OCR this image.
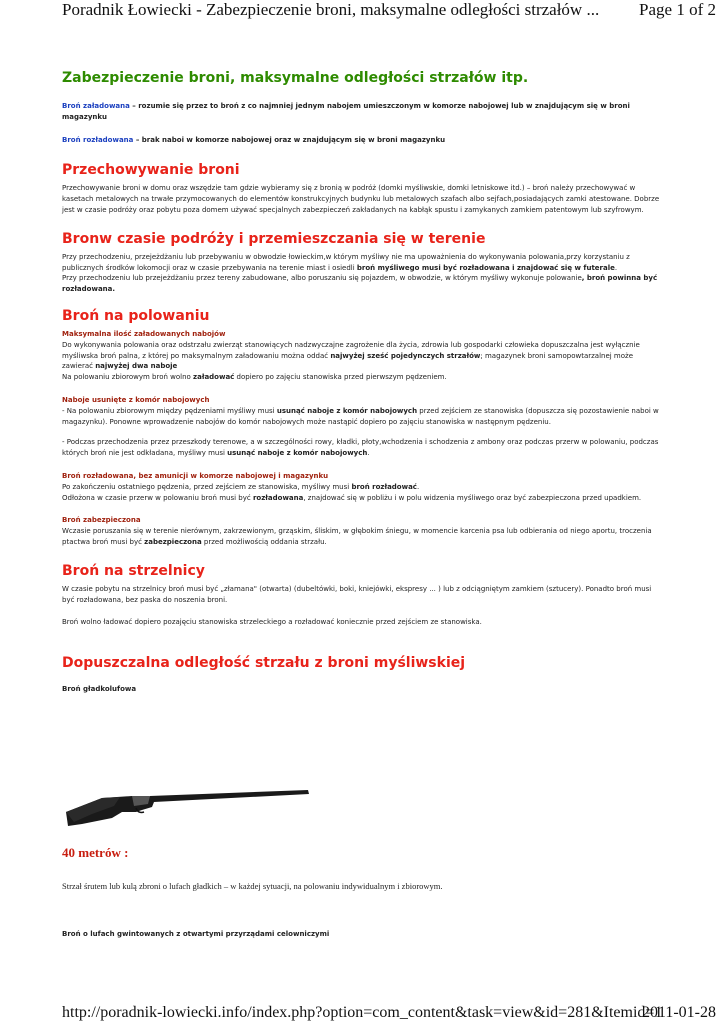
Poradnik Łowiecki - Zabezpieczenie broni, maksymalne odległości strzałów ... Page 1 of 2
Zabezpieczenie broni, maksymalne odległości strzałów itp.

Broń załadowana – rozumie się przez to broń z co najmniej jednym nabojem umieszczonym w komorze nabojowej lub w znajdującym się w broni magazynku

Broń rozładowana – brak naboi w komorze nabojowej oraz w znajdującym się w broni magazynku

Przechowywanie broni

Przechowywanie broni w domu oraz wszędzie tam gdzie wybieramy się z bronią w podróż (domki myśliwskie, domki letniskowe itd.) – broń należy przechowywać w kasetach metalowych na trwałe przymocowanych do elementów konstrukcyjnych budynku lub metalowych szafach albo sejfach,posiadających zamki atestowane. Dobrze jest w czasie podróży oraz pobytu poza domem używać specjalnych zabezpieczeń zakładanych na kabłąk spustu i zamykanych zamkiem patentowym lub szyfrowym.

Bronw czasie podróży i przemieszczania się w terenie

Przy przechodzeniu, przejeżdżaniu lub przebywaniu w obwodzie łowieckim,w którym myśliwy nie ma upoważnienia do wykonywania polowania,przy korzystaniu z publicznych środków lokomocji oraz w czasie przebywania na terenie miast i osiedli broń myśliwego musi być rozładowana i znajdować się w futerale.

Przy przechodzeniu lub przejeżdżaniu przez tereny zabudowane, albo poruszaniu się pojazdem, w obwodzie, w którym myśliwy wykonuje polowanie, broń powinna być rozładowana.

Broń na polowaniu

Maksymalna ilość załadowanych nabojów

Do wykonywania polowania oraz odstrzału zwierząt stanowiących nadzwyczajne zagrożenie dla życia, zdrowia lub gospodarki człowieka dopuszczalna jest wyłącznie myśliwska broń palna, z której po maksymalnym załadowaniu można oddać najwyżej sześć pojedynczych strzałów; magazynek broni samopowtarzalnej może zawierać najwyżej dwa naboje

Na polowaniu zbiorowym broń wolno załadować dopiero po zajęciu stanowiska przed pierwszym pędzeniem.

Naboje usunięte z komór nabojowych

- Na polowaniu zbiorowym między pędzeniami myśliwy musi usunąć naboje z komór nabojowych przed zejściem ze stanowiska (dopuszcza się pozostawienie naboi w magazynku). Ponowne wprowadzenie nabojów do komór nabojowych może nastąpić dopiero po zajęciu stanowiska w następnym pędzeniu.

- Podczas przechodzenia przez przeszkody terenowe, a w szczególności rowy, kładki, płoty,wchodzenia i schodzenia z ambony oraz podczas przerw w polowaniu, podczas których broń nie jest odkładana, myśliwy musi usunąć naboje z komór nabojowych.

Broń rozładowana, bez amunicji w komorze nabojowej i magazynku

Po zakończeniu ostatniego pędzenia, przed zejściem ze stanowiska, myśliwy musi broń rozładować.

Odłożona w czasie przerw w polowaniu broń musi być rozładowana, znajdować się w pobliżu i w polu widzenia myśliwego oraz być zabezpieczona przed upadkiem.

Broń zabezpieczona

Wczasie poruszania się w terenie nierównym, zakrzewionym, grząskim, śliskim, w głębokim śniegu, w momencie karcenia psa lub odbierania od niego aportu, troczenia ptactwa broń musi być zabezpieczona przed możliwością oddania strzału.

Broń na strzelnicy

W czasie pobytu na strzelnicy broń musi być „złamana" (otwarta) (dubeltówki, boki, kniejówki, ekspresy ... ) lub z odciągniętym zamkiem (sztucery). Ponadto broń musi być rozładowana, bez paska do noszenia broni.

Broń wolno ładować dopiero pozajęciu stanowiska strzeleckiego a rozładować koniecznie przed zejściem ze stanowiska.

Dopuszczalna odległość strzału z broni myśliwskiej

Broń gładkolufowa

40 metrów :

Strzał śrutem lub kulą zbroni o lufach gładkich – w każdej sytuacji, na polowaniu indywidualnym i zbiorowym.

Broń o lufach gwintowanych z otwartymi przyrządami celowniczymi

http://poradnik-lowiecki.info/index.php?option=com_content&task=view&id=281&Itemid=1
2011-01-28
